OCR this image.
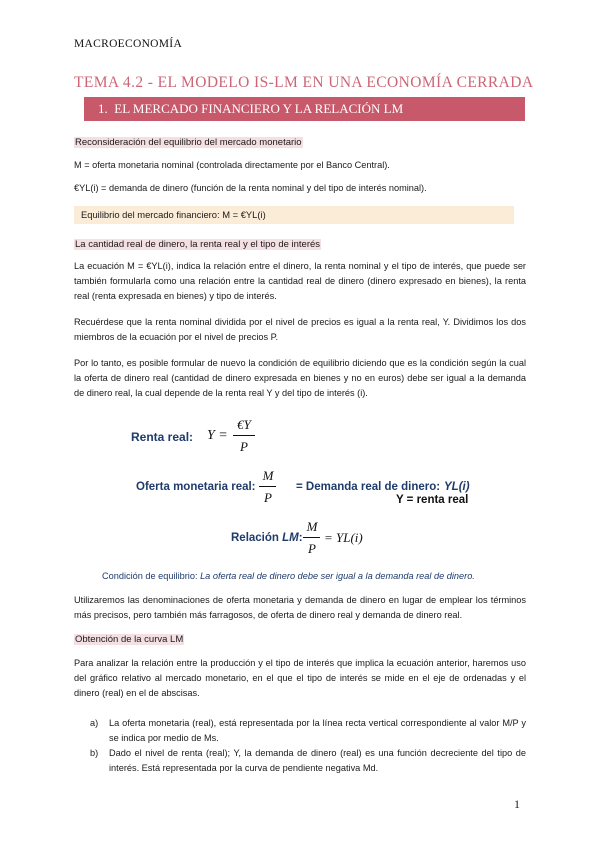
MACROECONOMÍA
TEMA 4.2 - EL MODELO IS-LM EN UNA ECONOMÍA CERRADA
1. EL MERCADO FINANCIERO Y LA RELACIÓN LM
Reconsideración del equilibrio del mercado monetario
M = oferta monetaria nominal (controlada directamente por el Banco Central).
€YL(i) = demanda de dinero (función de la renta nominal y del tipo de interés nominal).
Equilibrio del mercado financiero: M = €YL(i)
La cantidad real de dinero, la renta real y el tipo de interés
La ecuación M = €YL(i), indica la relación entre el dinero, la renta nominal y el tipo de interés, que puede ser también formularla como una relación entre la cantidad real de dinero (dinero expresado en bienes), la renta real (renta expresada en bienes) y tipo de interés.
Recuérdese que la renta nominal dividida por el nivel de precios es igual a la renta real, Y. Dividimos los dos miembros de la ecuación por el nivel de precios P.
Por lo tanto, es posible formular de nuevo la condición de equilibrio diciendo que es la condición según la cual la oferta de dinero real (cantidad de dinero expresada en bienes y no en euros) debe ser igual a la demanda de dinero real, la cual depende de la renta real Y y del tipo de interés (i).
Renta real: Y =
€Y
P
Oferta monetaria real:
M
P
= Demanda real de dinero: YL(i)
Y = renta real
Relación LM:
M
P
= YL(i)
Condición de equilibrio: La oferta real de dinero debe ser igual a la demanda real de dinero.
Utilizaremos las denominaciones de oferta monetaria y demanda de dinero en lugar de emplear los términos más precisos, pero también más farragosos, de oferta de dinero real y demanda de dinero real.
Obtención de la curva LM
Para analizar la relación entre la producción y el tipo de interés que implica la ecuación anterior, haremos uso del gráfico relativo al mercado monetario, en el que el tipo de interés se mide en el eje de ordenadas y el dinero (real) en el de abscisas.
a) La oferta monetaria (real), está representada por la línea recta vertical correspondiente al valor M/P y se indica por medio de Ms.
b) Dado el nivel de renta (real); Y, la demanda de dinero (real) es una función decreciente del tipo de interés. Está representada por la curva de pendiente negativa Md.
1
